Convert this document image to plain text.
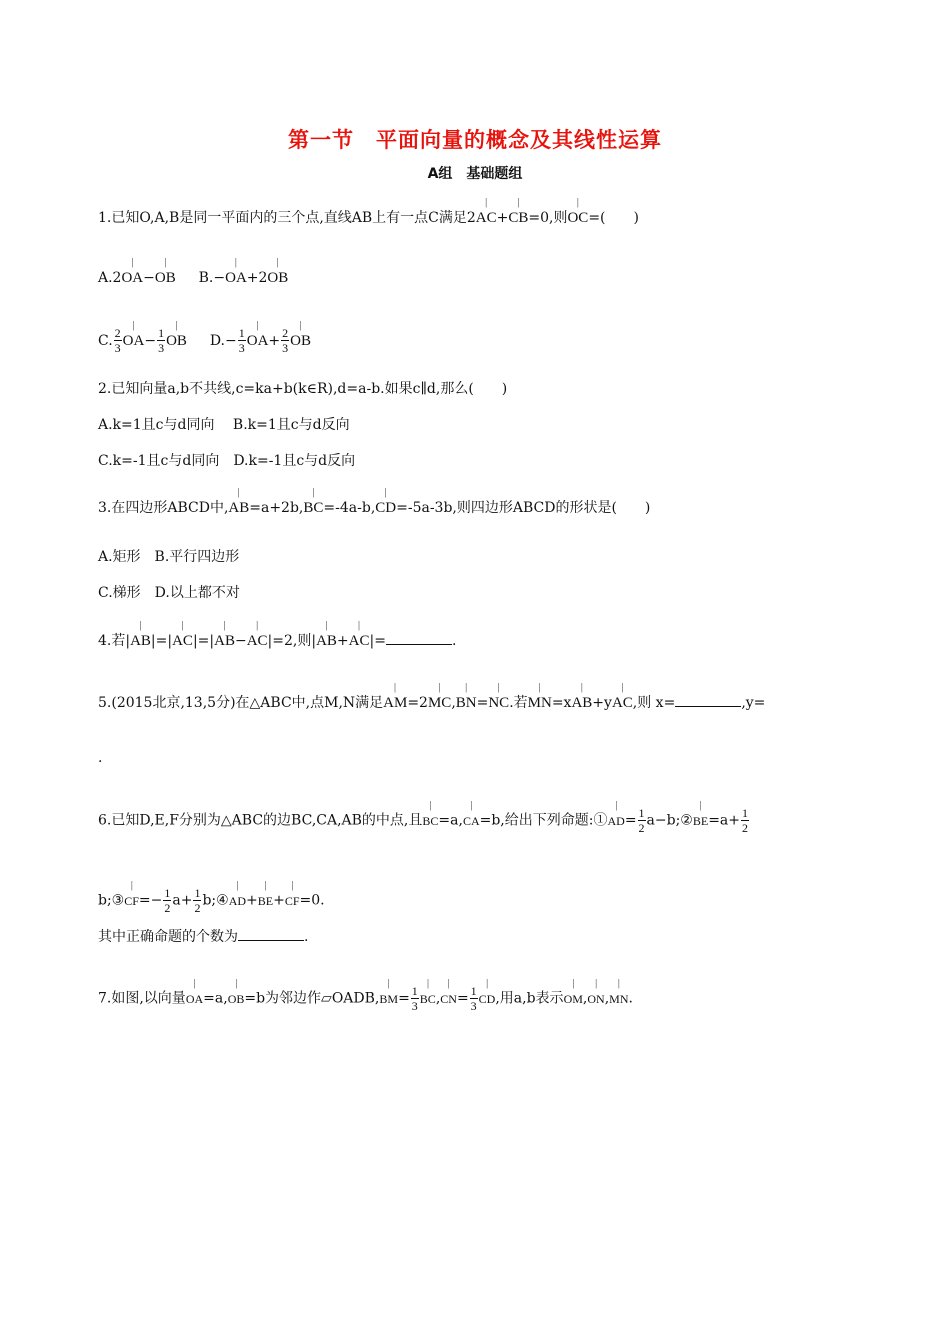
第一节　平面向量的概念及其线性运算
A组　基础题组
1.已知O,A,B是同一平面内的三个点,直线AB上有一点C满足2| AC+| CB=0,则| OC=(　　)
A.2| OA−| OB B.−| OA+2| OB
C. $\frac{2}{3}$ | $OA- \frac{1}{3}$ | OB $D.- \frac{1}{3}$ | $OA+ \frac{2}{3}$ | OB
2.已知向量a,b不共线,c=ka+b(k∈R),d=a-b.如果c∥d,那么(　　)
A.k=1且c与d同向　 B.k=1且c与d反向
C.k=-1且c与d同向　D.k=-1且c与d反向
3.在四边形ABCD中,| AB=a+2b,| BC=-4a-b,| CD=-5a-3b,则四边形ABCD的形状是(　　)
A.矩形　B.平行四边形
C.梯形　D.以上都不对
4.若|| AB|=|| AC|=|| AB−| AC|=2,则|| AB+| AC|=	.
5.(2015北京,13,5分)在△ABC中,点M,N满足| AM=2| MC,| BN=| NC.若| MN=x| AB+y| AC,则 x=	,y=
.
6.已知D,E,F分别为△ABC的边BC,CA,AB的中点,且| BC=a,| CA=b,给出下列命题:①| $AD= \frac{1}{2}$ a−b;②| $BE=a+ \frac{1}{2}$
b;③| $CF=- \frac{1}{2} a+ \frac{1}{2}$ b;④| AD+| BE+| CF=0.
其中正确命题的个数为	.
7.如图,以向量| OA=a,| OB=b为邻边作▱OADB,| $BM= \frac{1}{3}$ | BC,| $CN= \frac{1}{3}$ | CD,用a,b表示| OM,| ON,| MN.
